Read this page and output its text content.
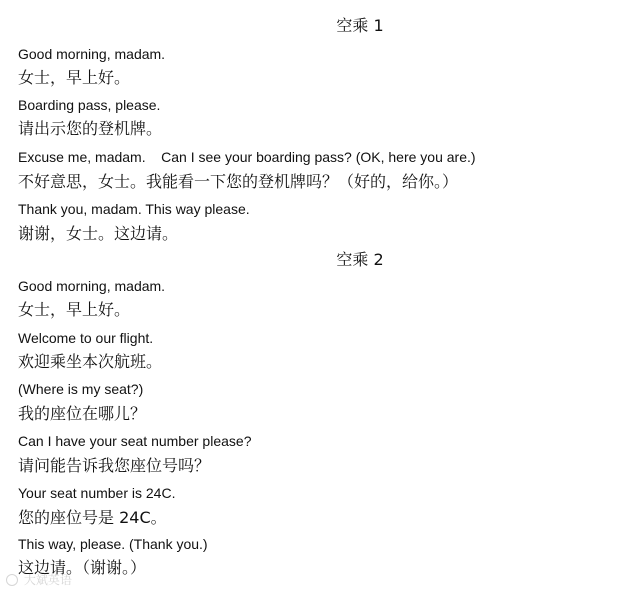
空乘 1
Good morning, madam.
女士，早上好。
Boarding pass, please.
请出示您的登机牌。
Excuse me, madam.    Can I see your boarding pass? (OK, here you are.)
不好意思，女士。我能看一下您的登机牌吗？（好的，给你。）
Thank you, madam. This way please.
谢谢，女士。这边请。
空乘 2
Good morning, madam.
女士，早上好。
Welcome to our flight.
欢迎乘坐本次航班。
(Where is my seat?)
我的座位在哪儿？
Can I have your seat number please?
请问能告诉我您座位号吗？
Your seat number is 24C.
您的座位号是 24C。
This way, please. (Thank you.)
这边请。（谢谢。）
大斌英语
